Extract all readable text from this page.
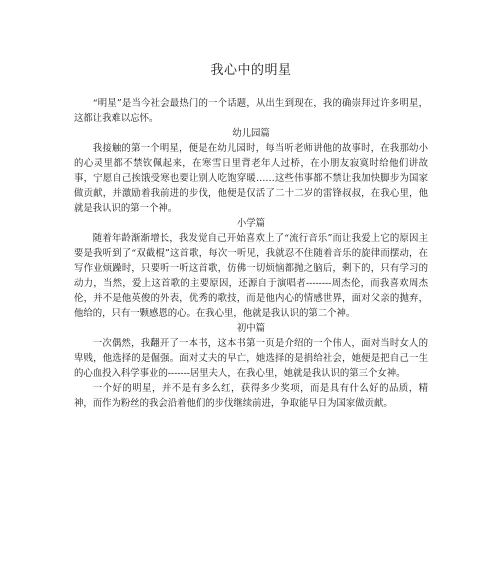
我心中的明星

“明星”是当今社会最热门的一个话题，从出生到现在，我的确崇拜过许多明星，这都让我难以忘怀。

幼儿园篇

我接触的第一个明星，便是在幼儿园时，每当听老师讲他的故事时，在我那幼小的心灵里都不禁钦佩起来，在寒雪日里背老年人过桥，在小朋友寂寞时给他们讲故事，宁愿自己挨饿受寒也要让别人吃饱穿暖……这些伟事都不禁让我加快脚步为国家做贡献，并激励着我前进的步伐，他便是仅活了二十二岁的雷锋叔叔，在我心里，他就是我认识的第一个神。

小学篇

随着年龄渐渐增长，我发觉自己开始喜欢上了“流行音乐”而让我爱上它的原因主要是我听到了“双截棍”这首歌，每次一听见，我就忍不住随着音乐的旋律而摆动，在写作业烦躁时，只要听一听这首歌，仿佛一切烦恼都抛之脑后，剩下的，只有学习的动力，当然，爱上这首歌的主要原因，还源自于演唱者--------周杰伦，而我喜欢周杰伦，并不是他英俊的外表，优秀的歌技，而是他内心的情感世界，面对父亲的抛弃，他给的，只有一颗感恩的心。在我心里，他就是我认识的第二个神。

初中篇

一次偶然，我翻开了一本书，这本书第一页是介绍的一个伟人，面对当时女人的卑贱，他选择的是倔强。面对丈夫的早亡，她选择的是捐给社会，她便是把自己一生的心血投入科学事业的-------居里夫人，在我心里，她就是我认识的第三个女神。

一个好的明星，并不是有多么红，获得多少奖项，而是具有什么好的品质，精神，而作为粉丝的我会沿着他们的步伐继续前进，争取能早日为国家做贡献。
